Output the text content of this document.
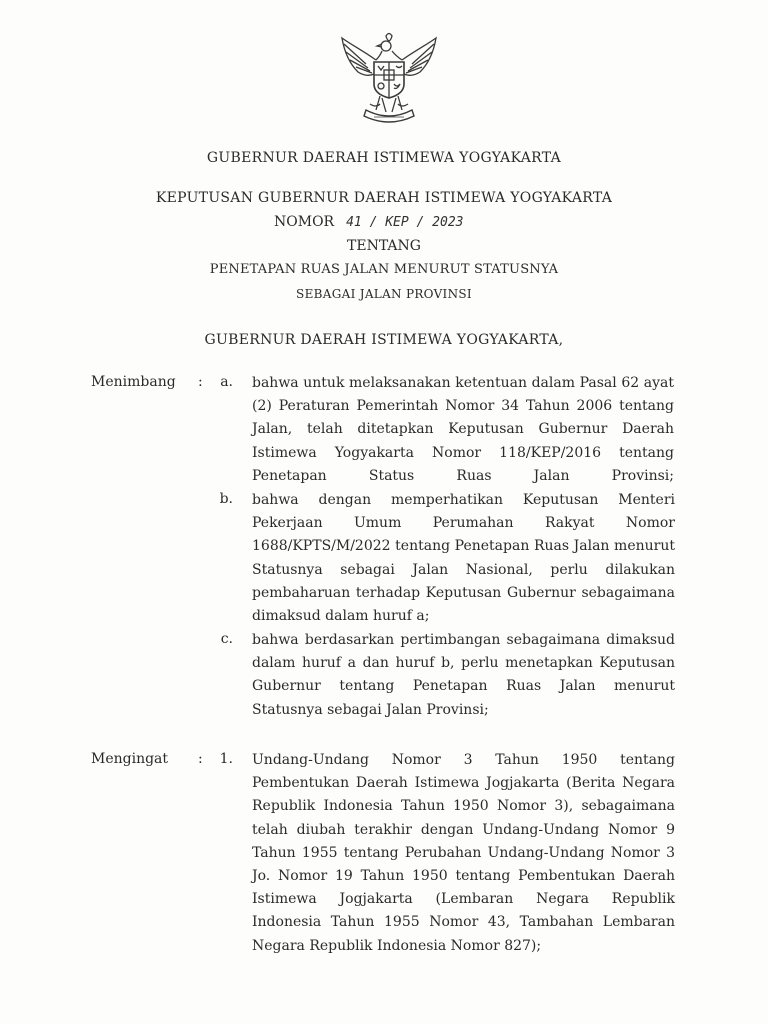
GUBERNUR DAERAH ISTIMEWA YOGYAKARTA
KEPUTUSAN GUBERNUR DAERAH ISTIMEWA YOGYAKARTA
NOMOR 41 / KEP / 2023
TENTANG
PENETAPAN RUAS JALAN MENURUT STATUSNYA
SEBAGAI JALAN PROVINSI
GUBERNUR DAERAH ISTIMEWA YOGYAKARTA,
Menimbang :	a. bahwa untuk melaksanakan ketentuan dalam Pasal 62 ayat (2) Peraturan Pemerintah Nomor 34 Tahun 2006 tentang Jalan, telah ditetapkan Keputusan Gubernur Daerah Istimewa Yogyakarta Nomor 118/KEP/2016 tentang Penetapan Status Ruas Jalan Provinsi;
b. bahwa dengan memperhatikan Keputusan Menteri Pekerjaan Umum Perumahan Rakyat Nomor 1688/KPTS/M/2022 tentang Penetapan Ruas Jalan menurut Statusnya sebagai Jalan Nasional, perlu dilakukan pembaharuan terhadap Keputusan Gubernur sebagaimana dimaksud dalam huruf a;
c. bahwa berdasarkan pertimbangan sebagaimana dimaksud dalam huruf a dan huruf b, perlu menetapkan Keputusan Gubernur tentang Penetapan Ruas Jalan menurut Statusnya sebagai Jalan Provinsi;
Mengingat :	1. Undang-Undang Nomor 3 Tahun 1950 tentang Pembentukan Daerah Istimewa Jogjakarta (Berita Negara Republik Indonesia Tahun 1950 Nomor 3), sebagaimana telah diubah terakhir dengan Undang-Undang Nomor 9 Tahun 1955 tentang Perubahan Undang-Undang Nomor 3 Jo. Nomor 19 Tahun 1950 tentang Pembentukan Daerah Istimewa Jogjakarta (Lembaran Negara Republik Indonesia Tahun 1955 Nomor 43, Tambahan Lembaran Negara Republik Indonesia Nomor 827);
